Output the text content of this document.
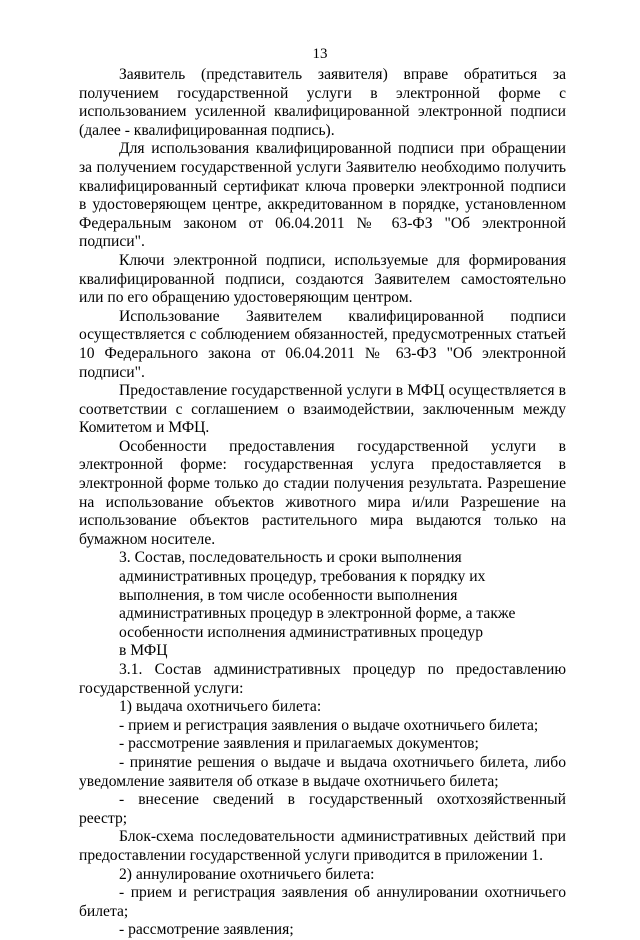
13

Заявитель (представитель заявителя) вправе обратиться за получением государственной услуги в электронной форме с использованием усиленной квалифицированной электронной подписи (далее - квалифицированная подпись).

Для использования квалифицированной подписи при обращении за получением государственной услуги Заявителю необходимо получить квалифицированный сертификат ключа проверки электронной подписи в удостоверяющем центре, аккредитованном в порядке, установленном Федеральным законом от 06.04.2011 № 63-ФЗ "Об электронной подписи".

Ключи электронной подписи, используемые для формирования квалифицированной подписи, создаются Заявителем самостоятельно или по его обращению удостоверяющим центром.

Использование Заявителем квалифицированной подписи осуществляется с соблюдением обязанностей, предусмотренных статьей 10 Федерального закона от 06.04.2011 № 63-ФЗ "Об электронной подписи".

Предоставление государственной услуги в МФЦ осуществляется в соответствии с соглашением о взаимодействии, заключенным между Комитетом и МФЦ.

Особенности предоставления государственной услуги в электронной форме: государственная услуга предоставляется в электронной форме только до стадии получения результата. Разрешение на использование объектов животного мира и/или Разрешение на использование объектов растительного мира выдаются только на бумажном носителе.

3. Состав, последовательность и сроки выполнения
административных процедур, требования к порядку их
выполнения, в том числе особенности выполнения
административных процедур в электронной форме, а также
особенности исполнения административных процедур
в МФЦ

3.1. Состав административных процедур по предоставлению государственной услуги:

1) выдача охотничьего билета:

- прием и регистрация заявления о выдаче охотничьего билета;

- рассмотрение заявления и прилагаемых документов;

- принятие решения о выдаче и выдача охотничьего билета, либо уведомление заявителя об отказе в выдаче охотничьего билета;

- внесение сведений в государственный охотхозяйственный реестр;

Блок-схема последовательности административных действий при предоставлении государственной услуги приводится в приложении 1.

2) аннулирование охотничьего билета:

- прием и регистрация заявления об аннулировании охотничьего билета;

- рассмотрение заявления;
